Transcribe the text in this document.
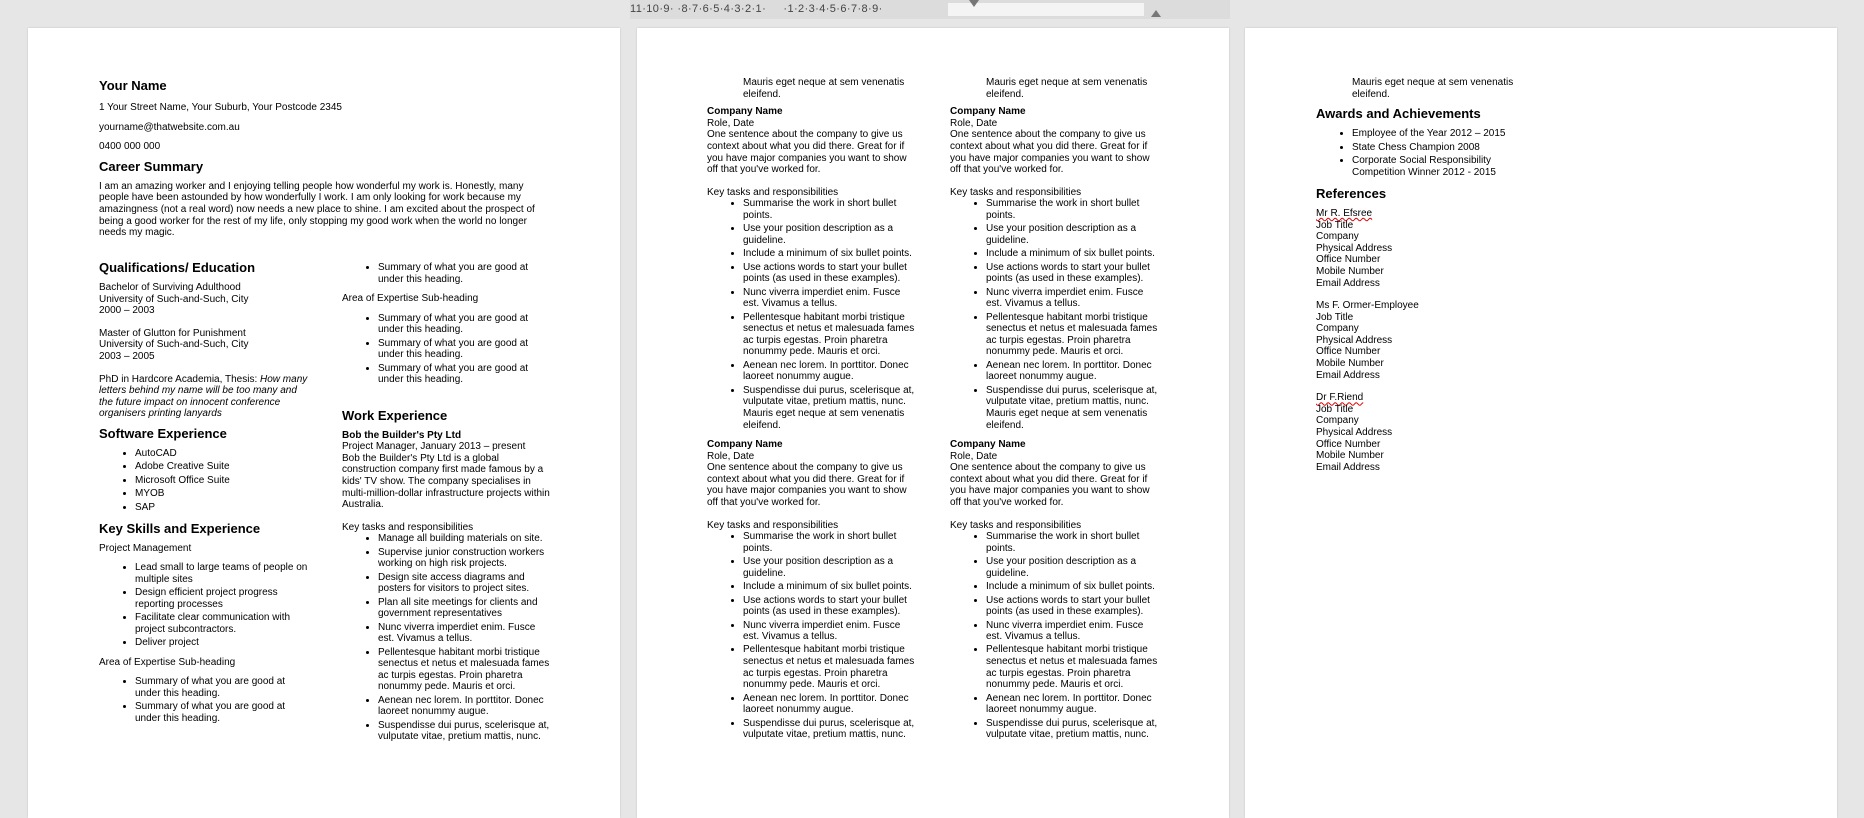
11·10·9· ·8·7·6·5·4·3·2·1·     ·1·2·3·4·5·6·7·8·9·

Your Name

1 Your Street Name, Your Suburb, Your Postcode 2345

yourname@thatwebsite.com.au

0400 000 000

Career Summary

I am an amazing worker and I enjoying telling people how wonderful my work is. Honestly, many people have been astounded by how wonderfully I work. I am only looking for work because my amazingness (not a real word) now needs a new place to shine. I am excited about the prospect of being a good worker for the rest of my life, only stopping my good work when the world no longer needs my magic.

Qualifications/ Education

Bachelor of Surviving Adulthood

University of Such-and-Such, City

2000 – 2003

Master of Glutton for Punishment

University of Such-and-Such, City

2003 – 2005

PhD in Hardcore Academia, Thesis: How many letters behind my name will be too many and the future impact on innocent conference organisers printing lanyards

Software Experience

• AutoCAD
• Adobe Creative Suite
• Microsoft Office Suite
• MYOB
• SAP

Key Skills and Experience

Project Management

• Lead small to large teams of people on multiple sites
• Design efficient project progress reporting processes
• Facilitate clear communication with project subcontractors.
• Deliver project

Area of Expertise Sub-heading

• Summary of what you are good at under this heading.
• Summary of what you are good at under this heading.
• Summary of what you are good at under this heading.

Area of Expertise Sub-heading

• Summary of what you are good at under this heading.
• Summary of what you are good at under this heading.
• Summary of what you are good at under this heading.

Work Experience

Bob the Builder's Pty Ltd

Project Manager, January 2013 – present

Bob the Builder's Pty Ltd is a global construction company first made famous by a kids' TV show. The company specialises in multi-million-dollar infrastructure projects within Australia.

Key tasks and responsibilities

• Manage all building materials on site.
• Supervise junior construction workers working on high risk projects.
• Design site access diagrams and posters for visitors to project sites.
• Plan all site meetings for clients and government representatives
• Nunc viverra imperdiet enim. Fusce est. Vivamus a tellus.
• Pellentesque habitant morbi tristique senectus et netus et malesuada fames ac turpis egestas. Proin pharetra nonummy pede. Mauris et orci.
• Aenean nec lorem. In porttitor. Donec laoreet nonummy augue.
• Suspendisse dui purus, scelerisque at, vulputate vitae, pretium mattis, nunc.

Mauris eget neque at sem venenatis eleifend.

Company Name

Role, Date

One sentence about the company to give us context about what you did there. Great for if you have major companies you want to show off that you've worked for.

Key tasks and responsibilities

• Summarise the work in short bullet points.
• Use your position description as a guideline.
• Include a minimum of six bullet points.
• Use actions words to start your bullet points (as used in these examples).
• Nunc viverra imperdiet enim. Fusce est. Vivamus a tellus.
• Pellentesque habitant morbi tristique senectus et netus et malesuada fames ac turpis egestas. Proin pharetra nonummy pede. Mauris et orci.
• Aenean nec lorem. In porttitor. Donec laoreet nonummy augue.
• Suspendisse dui purus, scelerisque at, vulputate vitae, pretium mattis, nunc. Mauris eget neque at sem venenatis eleifend.

Company Name

Role, Date

One sentence about the company to give us context about what you did there. Great for if you have major companies you want to show off that you've worked for.

Key tasks and responsibilities

• Summarise the work in short bullet points.
• Use your position description as a guideline.
• Include a minimum of six bullet points.
• Use actions words to start your bullet points (as used in these examples).
• Nunc viverra imperdiet enim. Fusce est. Vivamus a tellus.
• Pellentesque habitant morbi tristique senectus et netus et malesuada fames ac turpis egestas. Proin pharetra nonummy pede. Mauris et orci.
• Aenean nec lorem. In porttitor. Donec laoreet nonummy augue.
• Suspendisse dui purus, scelerisque at, vulputate vitae, pretium mattis, nunc.

Mauris eget neque at sem venenatis eleifend.

Company Name

Role, Date

One sentence about the company to give us context about what you did there. Great for if you have major companies you want to show off that you've worked for.

Key tasks and responsibilities

• Summarise the work in short bullet points.
• Use your position description as a guideline.
• Include a minimum of six bullet points.
• Use actions words to start your bullet points (as used in these examples).
• Nunc viverra imperdiet enim. Fusce est. Vivamus a tellus.
• Pellentesque habitant morbi tristique senectus et netus et malesuada fames ac turpis egestas. Proin pharetra nonummy pede. Mauris et orci.
• Aenean nec lorem. In porttitor. Donec laoreet nonummy augue.
• Suspendisse dui purus, scelerisque at, vulputate vitae, pretium mattis, nunc. Mauris eget neque at sem venenatis eleifend.

Company Name

Role, Date

One sentence about the company to give us context about what you did there. Great for if you have major companies you want to show off that you've worked for.

Key tasks and responsibilities

• Summarise the work in short bullet points.
• Use your position description as a guideline.
• Include a minimum of six bullet points.
• Use actions words to start your bullet points (as used in these examples).
• Nunc viverra imperdiet enim. Fusce est. Vivamus a tellus.
• Pellentesque habitant morbi tristique senectus et netus et malesuada fames ac turpis egestas. Proin pharetra nonummy pede. Mauris et orci.
• Aenean nec lorem. In porttitor. Donec laoreet nonummy augue.
• Suspendisse dui purus, scelerisque at, vulputate vitae, pretium mattis, nunc.

Mauris eget neque at sem venenatis eleifend.

Awards and Achievements

• Employee of the Year 2012 – 2015
• State Chess Champion 2008
• Corporate Social Responsibility Competition Winner 2012 - 2015

References

Mr R. Efsree

Job Title

Company

Physical Address

Office Number

Mobile Number

Email Address

Ms F. Ormer-Employee

Job Title

Company

Physical Address

Office Number

Mobile Number

Email Address

Dr F.Riend

Job Title

Company

Physical Address

Office Number

Mobile Number

Email Address
